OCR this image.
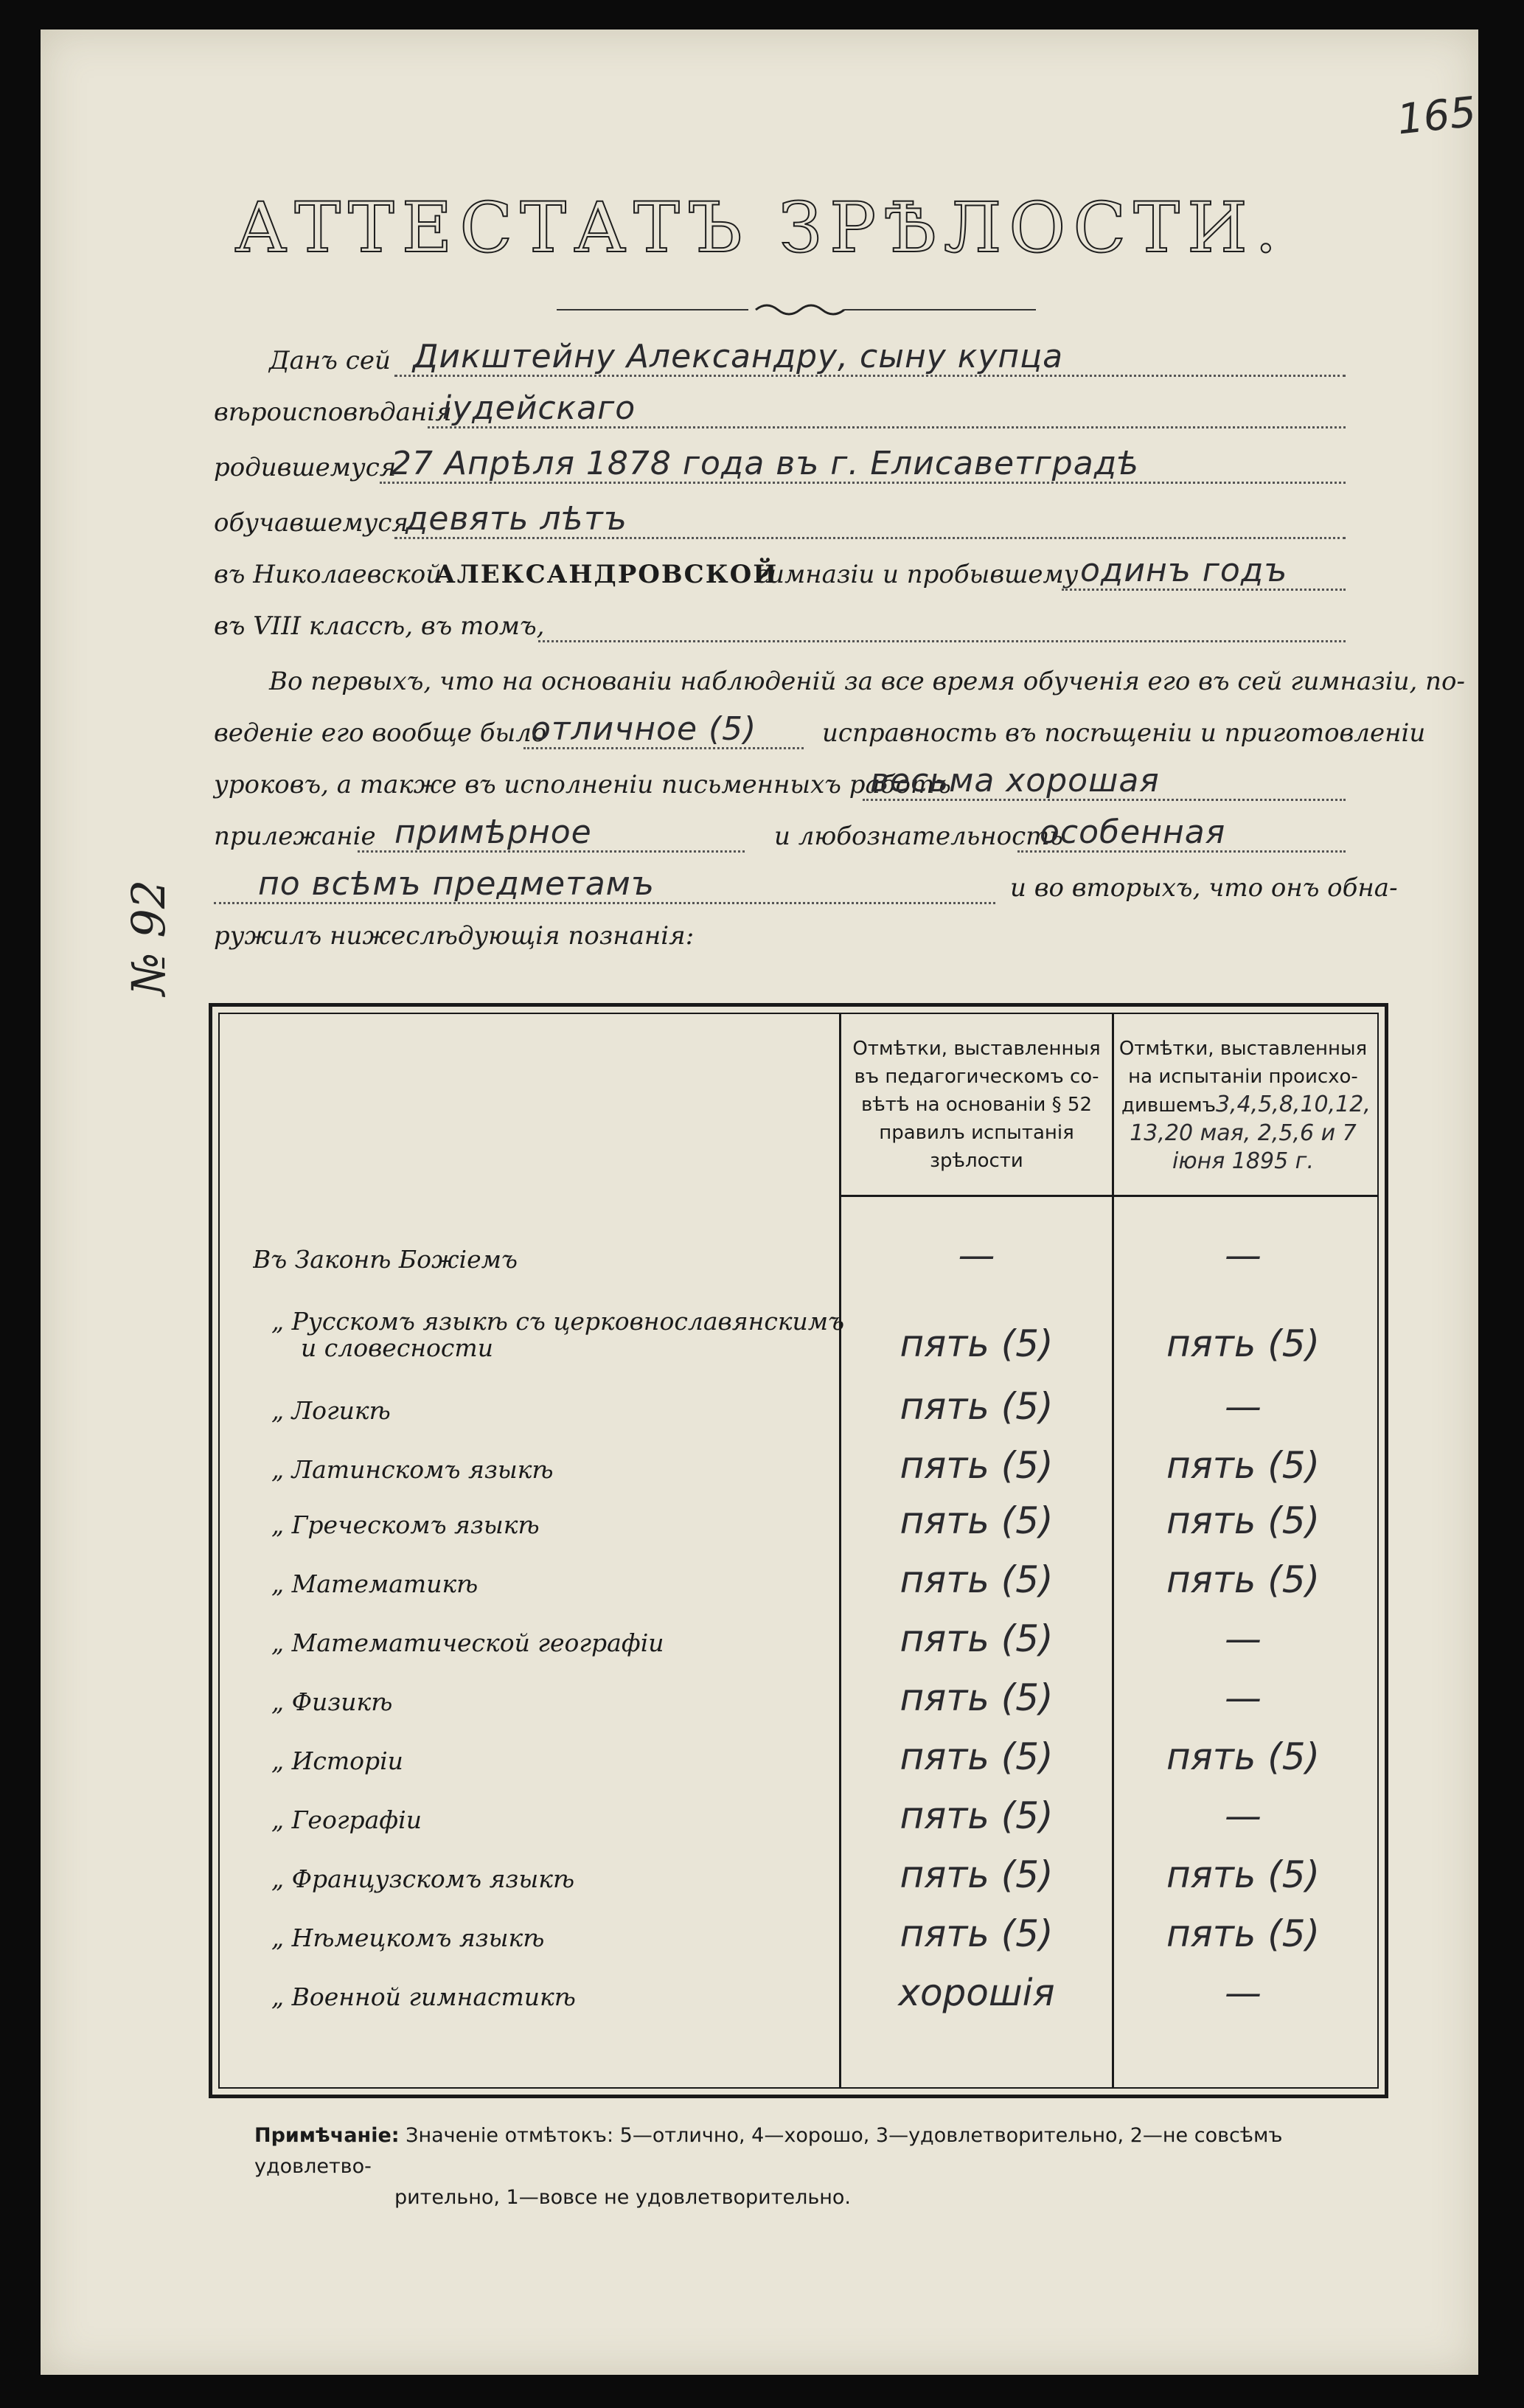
165
№ 92
АТТЕСТАТЪ ЗРѢЛОСТИ.
Данъ сей Дикштейну Александру, сыну купца
вѣроисповѣданія
іудейскаго
родившемуся
27 Апрѣля 1878 года въ г. Елисаветградѣ
обучавшемуся
девять лѣтъ
въ Николаевской
АЛЕКСАНДРОВСКОЙ
гимназіи и пробывшему одинъ годъ
въ VIII классѣ, въ томъ,
Во первыхъ, что на основаніи наблюденій за все время обученія его въ сей гимназіи, по-
веденіе его вообще было
отличное (5)	исправность въ посѣщеніи и приготовленіи
уроковъ, а также въ исполненіи письменныхъ работъ
весьма хорошая
прилежаніе примѣрное	и любознательность
особенная
по всѣмъ предметамъ	и во вторыхъ, что онъ обна-
ружилъ нижеслѣдующія познанія:
Отмѣтки, выставленныя
въ педагогическомъ со-
вѣтѣ на основаніи § 52
правилъ испытанія
зрѣлости
Отмѣтки, выставленныя
на испытаніи происхо-
дившемъ3,4,5,8,10,12,
13,20 мая, 2,5,6 и 7
іюня 1895 г.
Въ Законѣ Божіемъ	—	—
„ Русскомъ языкѣ съ церковнославянскимъ
и словесности	пять (5)	пять (5)
„ Логикѣ	пять (5)	—
„ Латинскомъ языкѣ	пять (5)	пять (5)
„ Греческомъ языкѣ	пять (5)	пять (5)
„ Математикѣ	пять (5)	пять (5)
„ Математической географіи	пять (5)	—
„ Физикѣ	пять (5)	—
„ Исторіи	пять (5)	пять (5)
„ Географіи	пять (5)	—
„ Французскомъ языкѣ	пять (5)	пять (5)
„ Нѣмецкомъ языкѣ	пять (5)	пять (5)
„ Военной гимнастикѣ	хорошія	—
Примѣчаніе: Значеніе отмѣтокъ: 5—отлично, 4—хорошо, 3—удовлетворительно, 2—не совсѣмъ удовлетво-
рительно, 1—вовсе не удовлетворительно.
